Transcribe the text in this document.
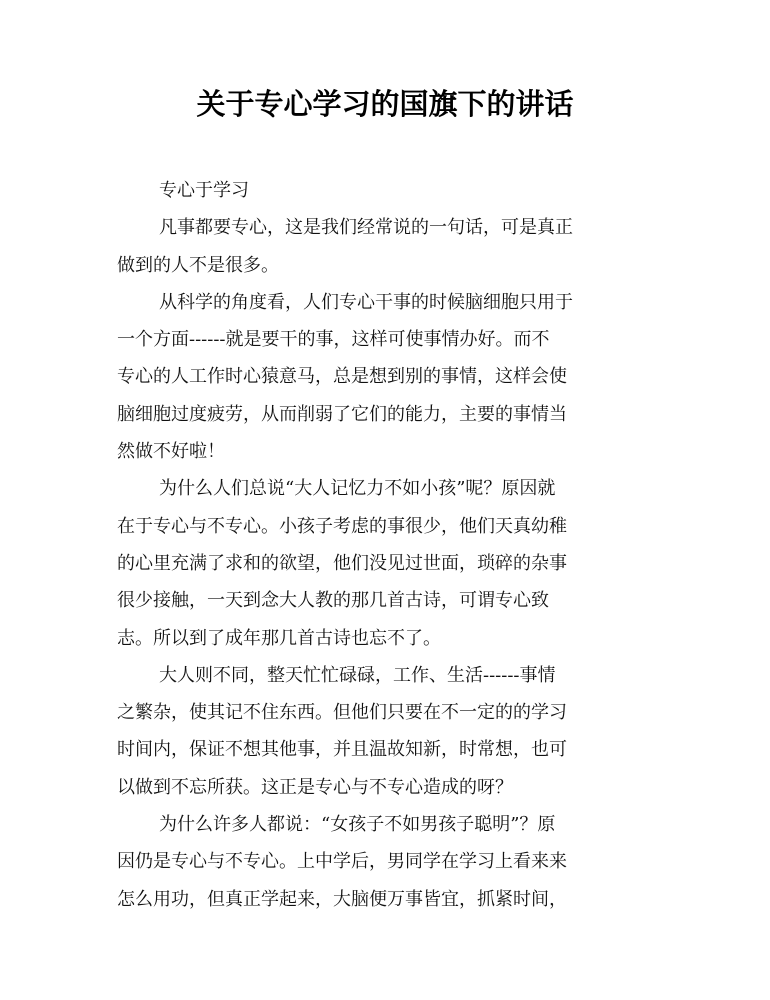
关于专心学习的国旗下的讲话
专心于学习
凡事都要专心，这是我们经常说的一句话，可是真正
做到的人不是很多。
从科学的角度看，人们专心干事的时候脑细胞只用于
一个方面------就是要干的事，这样可使事情办好。而不
专心的人工作时心猿意马，总是想到别的事情，这样会使
脑细胞过度疲劳，从而削弱了它们的能力，主要的事情当
然做不好啦！
为什么人们总说“大人记忆力不如小孩”呢？原因就
在于专心与不专心。小孩子考虑的事很少，他们天真幼稚
的心里充满了求和的欲望，他们没见过世面，琐碎的杂事
很少接触，一天到念大人教的那几首古诗，可谓专心致
志。所以到了成年那几首古诗也忘不了。
大人则不同，整天忙忙碌碌，工作、生活------事情
之繁杂，使其记不住东西。但他们只要在不一定的的学习
时间内，保证不想其他事，并且温故知新，时常想，也可
以做到不忘所获。这正是专心与不专心造成的呀？
为什么许多人都说：“女孩子不如男孩子聪明”？原
因仍是专心与不专心。上中学后，男同学在学习上看来来
怎么用功，但真正学起来，大脑便万事皆宜，抓紧时间，
